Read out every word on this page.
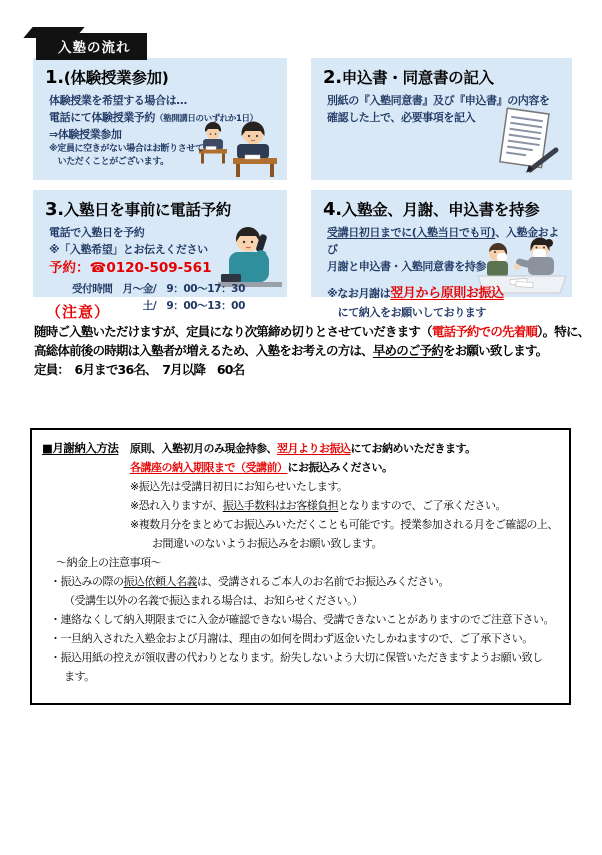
入塾の流れ
1.(体験授業参加)
体験授業を希望する場合は…
電話にて体験授業予約（塾開講日のいずれか1日）
⇒体験授業参加
※定員に空きがない場合はお断りさせて
　いただくことがございます。
2.申込書・同意書の記入
別紙の『入塾同意書』及び『申込書』の内容を
確認した上で、必要事項を記入
3.入塾日を事前に電話予約
電話で入塾日を予約
※「入塾希望」とお伝えください
予約：☎0120-509-561
受付時間　月～金/　9：00～17：30
土/　9：00～13：00
4.入塾金、月謝、申込書を持参
受講日初日までに(入塾当日でも可)、入塾金および
月謝と申込書・入塾同意書を持参
※なお月謝は翌月から原則お振込
　にて納入をお願いしております
（注意）
随時ご入塾いただけますが、定員になり次第締め切りとさせていだきます（電話予約での先着順）。特に、
高総体前後の時期は入塾者が増えるため、入塾をお考えの方は、早めのご予約をお願い致します。
定員：　6月まで36名、　7月以降　60名
■月謝納入方法	原則、入塾初月のみ現金持参、翌月よりお振込にてお納めいただきます。
各講座の納入期限まで（受講前）にお振込みください。
※振込先は受講日初日にお知らせいたします。
※恐れ入りますが、振込手数料はお客様負担となりますので、ご了承ください。
※複数月分をまとめてお振込みいただくことも可能です。授業参加される月をご確認の上、
お間違いのないようお振込みをお願い致します。
～納金上の注意事項～
・振込みの際の振込依頼人名義は、受講されるご本人のお名前でお振込みください。
（受講生以外の名義で振込まれる場合は、お知らせください。）
・連絡なくして納入期限までに入金が確認できない場合、受講できないことがありますのでご注意下さい。
・一旦納入された入塾金および月謝は、理由の如何を問わず返金いたしかねますので、ご了承下さい。
・振込用紙の控えが領収書の代わりとなります。紛失しないよう大切に保管いただきますようお願い致し
ます。
